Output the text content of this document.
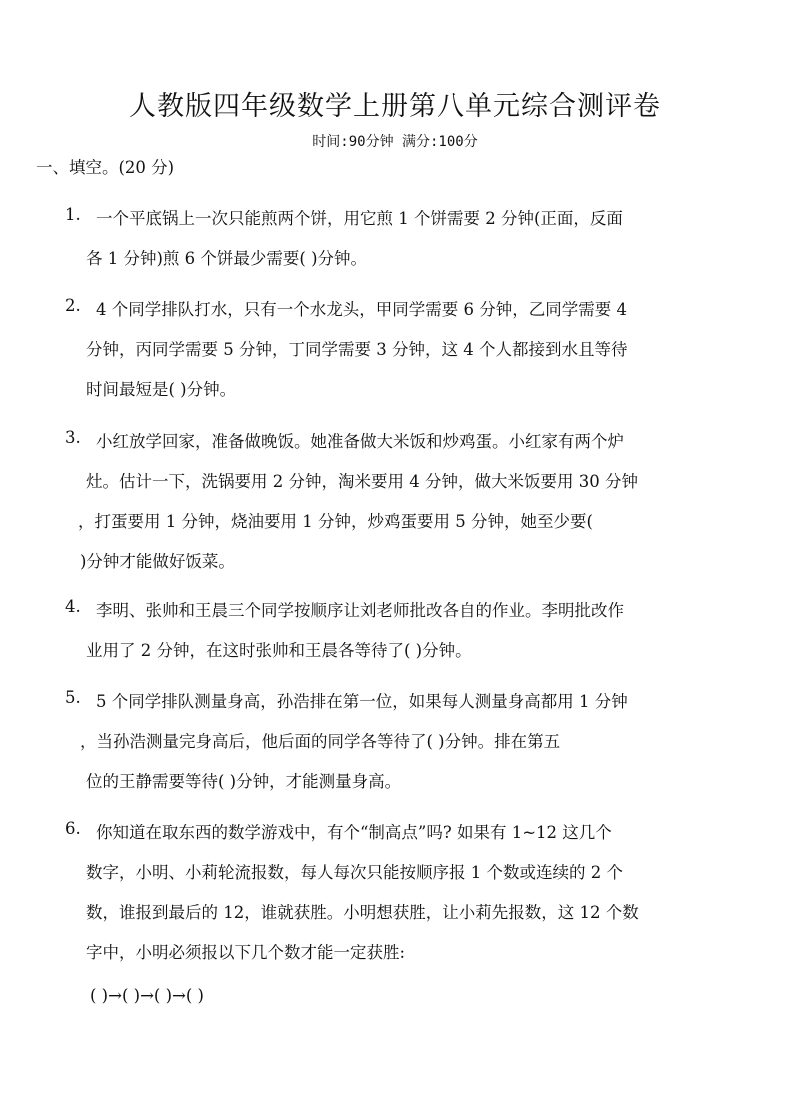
人教版四年级数学上册第八单元综合测评卷
时间:90分钟 满分:100分
一、填空。(20 分)
1. 一个平底锅上一次只能煎两个饼，用它煎 1 个饼需要 2 分钟(正面，反面
各 1 分钟)煎 6 个饼最少需要( )分钟。
2. 4 个同学排队打水，只有一个水龙头，甲同学需要 6 分钟，乙同学需要 4
分钟，丙同学需要 5 分钟，丁同学需要 3 分钟，这 4 个人都接到水且等待
时间最短是( )分钟。
3. 小红放学回家，准备做晚饭。她准备做大米饭和炒鸡蛋。小红家有两个炉
灶。估计一下，洗锅要用 2 分钟，淘米要用 4 分钟，做大米饭要用 30 分钟
，打蛋要用 1 分钟，烧油要用 1 分钟，炒鸡蛋要用 5 分钟，她至少要(
)分钟才能做好饭菜。
4. 李明、张帅和王晨三个同学按顺序让刘老师批改各自的作业。李明批改作
业用了 2 分钟，在这时张帅和王晨各等待了( )分钟。
5. 5 个同学排队测量身高，孙浩排在第一位，如果每人测量身高都用 1 分钟
，当孙浩测量完身高后，他后面的同学各等待了( )分钟。排在第五
位的王静需要等待( )分钟，才能测量身高。
6. 你知道在取东西的数学游戏中，有个“制高点”吗? 如果有 1~12 这几个
数字，小明、小莉轮流报数，每人每次只能按顺序报 1 个数或连续的 2 个
数，谁报到最后的 12，谁就获胜。小明想获胜，让小莉先报数，这 12 个数
字中，小明必须报以下几个数才能一定获胜:
( )→( )→( )→( )
